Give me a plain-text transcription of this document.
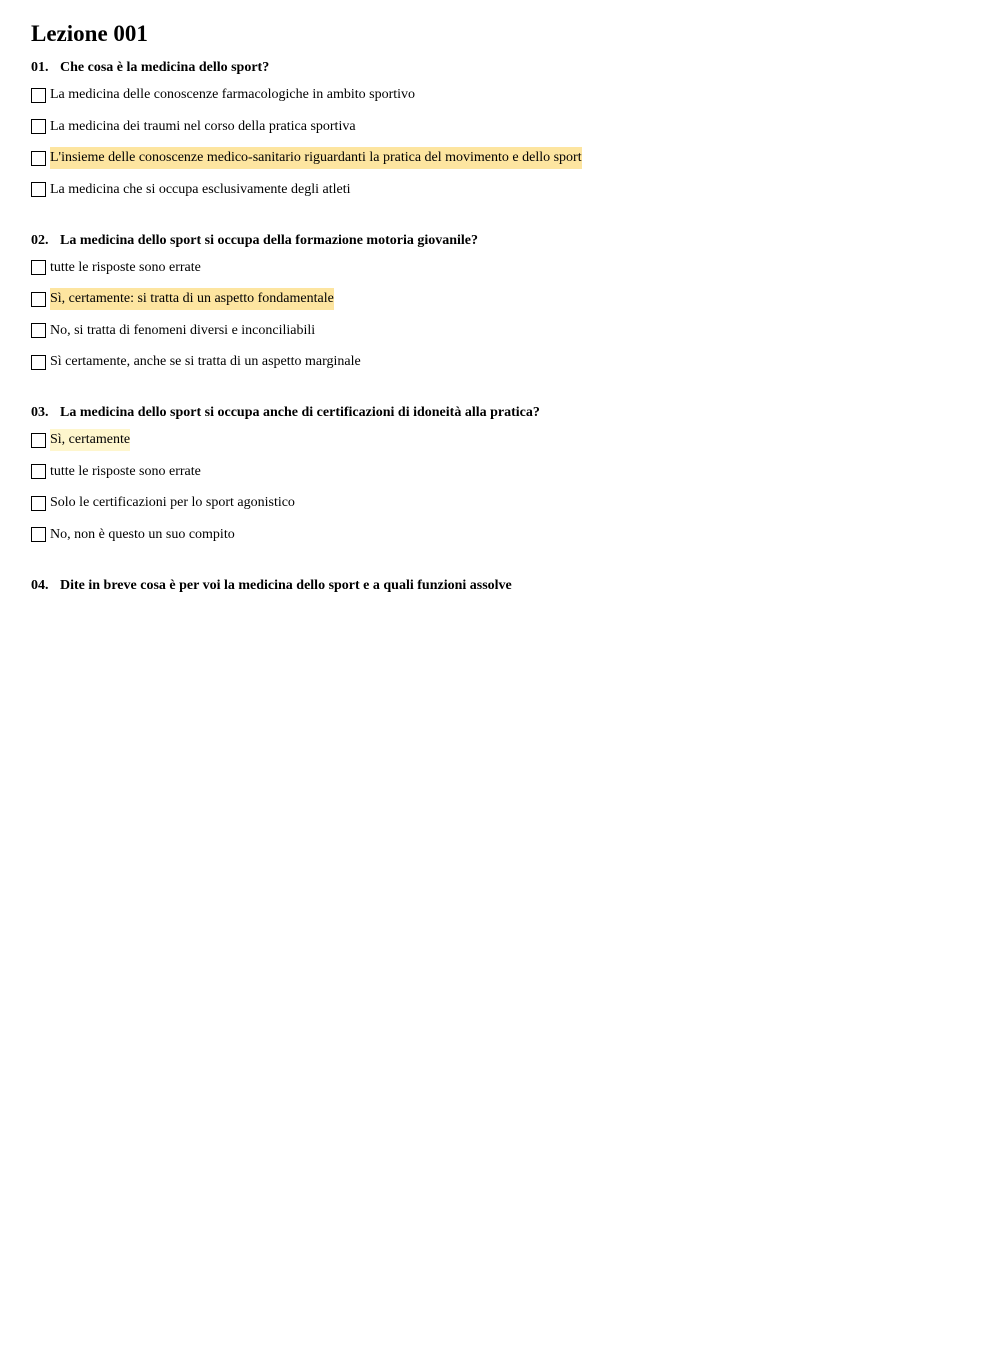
Lezione 001
01. Che cosa è la medicina dello sport?
La medicina delle conoscenze farmacologiche in ambito sportivo
La medicina dei traumi nel corso della pratica sportiva
L'insieme delle conoscenze medico-sanitario riguardanti la pratica del movimento e dello sport
La medicina che si occupa esclusivamente degli atleti
02. La medicina dello sport si occupa della formazione motoria giovanile?
tutte le risposte sono errate
Sì, certamente: si tratta di un aspetto fondamentale
No, si tratta di fenomeni diversi e inconciliabili
Sì certamente, anche se si tratta di un aspetto marginale
03. La medicina dello sport si occupa anche di certificazioni di idoneità alla pratica?
Sì, certamente
tutte le risposte sono errate
Solo le certificazioni per lo sport agonistico
No, non è questo un suo compito
04. Dite in breve cosa è per voi la medicina dello sport e a quali funzioni assolve
